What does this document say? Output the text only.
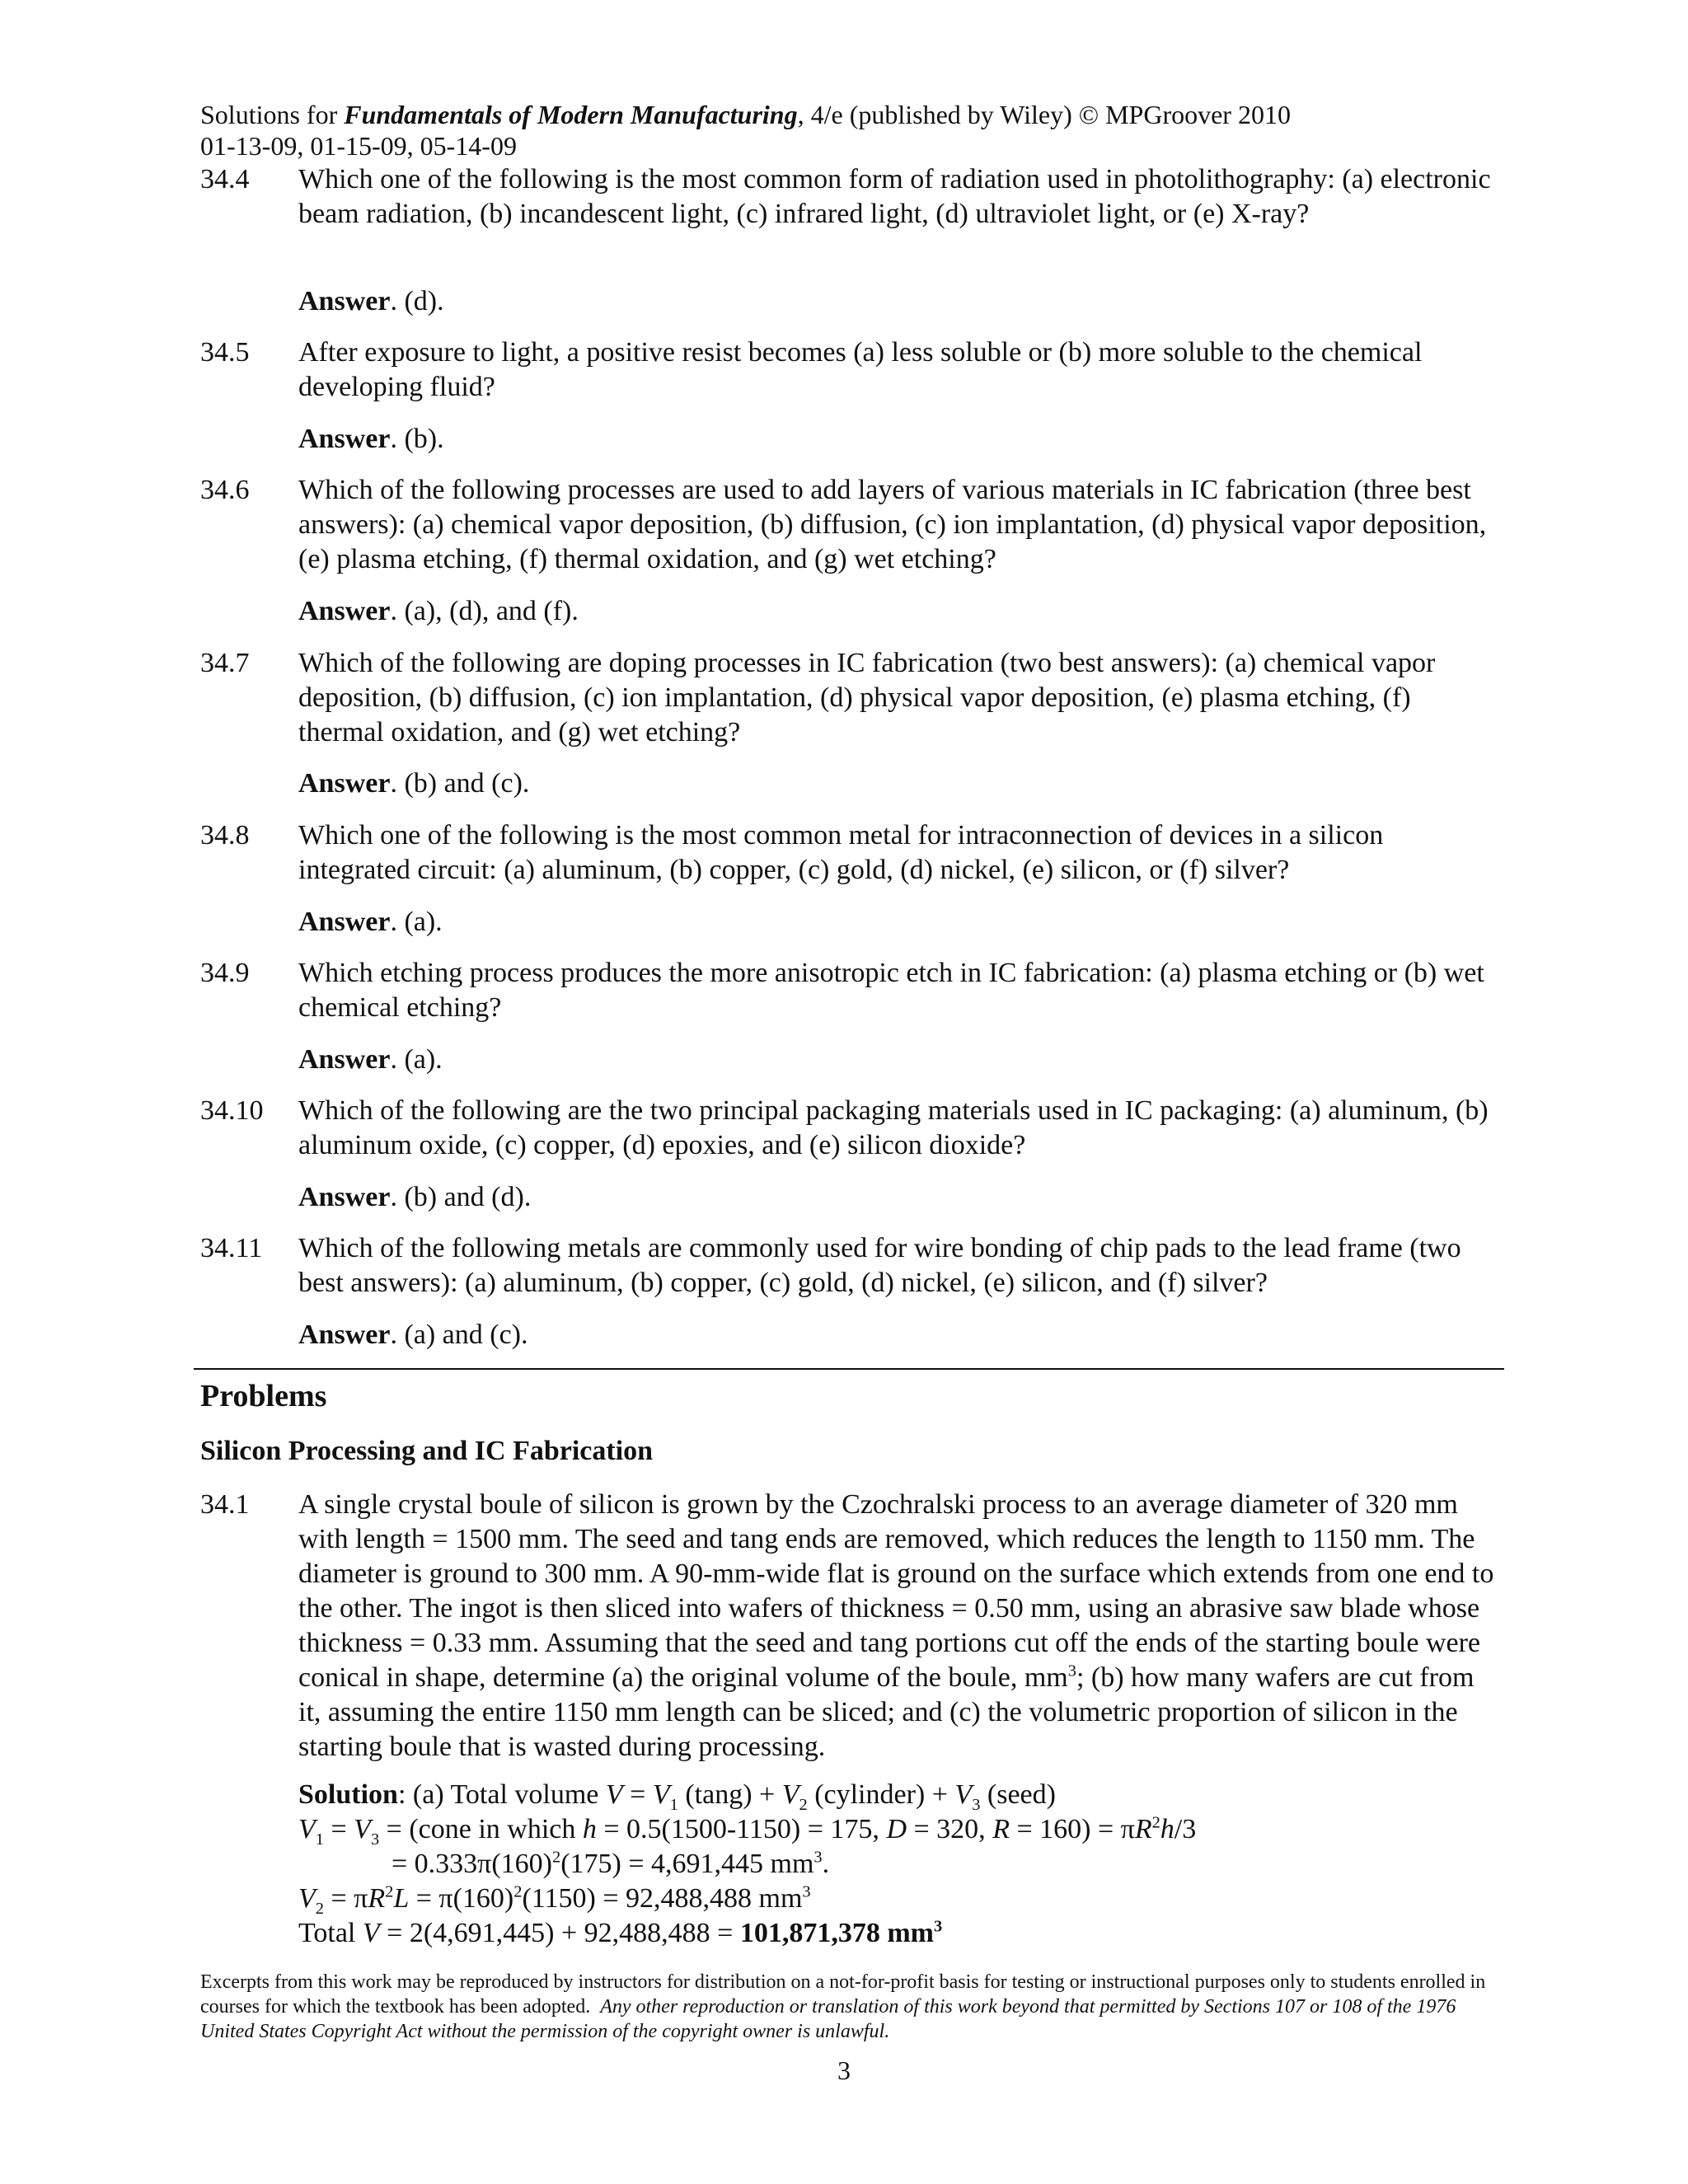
Solutions for Fundamentals of Modern Manufacturing, 4/e (published by Wiley) © MPGroover 2010
01-13-09, 01-15-09, 05-14-09
34.4 Which one of the following is the most common form of radiation used in photolithography: (a) electronic beam radiation, (b) incandescent light, (c) infrared light, (d) ultraviolet light, or (e) X-ray?
Answer. (d).
34.5 After exposure to light, a positive resist becomes (a) less soluble or (b) more soluble to the chemical developing fluid?
Answer. (b).
34.6 Which of the following processes are used to add layers of various materials in IC fabrication (three best answers): (a) chemical vapor deposition, (b) diffusion, (c) ion implantation, (d) physical vapor deposition, (e) plasma etching, (f) thermal oxidation, and (g) wet etching?
Answer. (a), (d), and (f).
34.7 Which of the following are doping processes in IC fabrication (two best answers): (a) chemical vapor deposition, (b) diffusion, (c) ion implantation, (d) physical vapor deposition, (e) plasma etching, (f) thermal oxidation, and (g) wet etching?
Answer. (b) and (c).
34.8 Which one of the following is the most common metal for intraconnection of devices in a silicon integrated circuit: (a) aluminum, (b) copper, (c) gold, (d) nickel, (e) silicon, or (f) silver?
Answer. (a).
34.9 Which etching process produces the more anisotropic etch in IC fabrication: (a) plasma etching or (b) wet chemical etching?
Answer. (a).
34.10 Which of the following are the two principal packaging materials used in IC packaging: (a) aluminum, (b) aluminum oxide, (c) copper, (d) epoxies, and (e) silicon dioxide?
Answer. (b) and (d).
34.11 Which of the following metals are commonly used for wire bonding of chip pads to the lead frame (two best answers): (a) aluminum, (b) copper, (c) gold, (d) nickel, (e) silicon, and (f) silver?
Answer. (a) and (c).
Problems
Silicon Processing and IC Fabrication
34.1 A single crystal boule of silicon is grown by the Czochralski process to an average diameter of 320 mm with length = 1500 mm. The seed and tang ends are removed, which reduces the length to 1150 mm. The diameter is ground to 300 mm. A 90-mm-wide flat is ground on the surface which extends from one end to the other. The ingot is then sliced into wafers of thickness = 0.50 mm, using an abrasive saw blade whose thickness = 0.33 mm. Assuming that the seed and tang portions cut off the ends of the starting boule were conical in shape, determine (a) the original volume of the boule, $mm^3$; (b) how many wafers are cut from it, assuming the entire 1150 mm length can be sliced; and (c) the volumetric proportion of silicon in the starting boule that is wasted during processing.
Solution: (a) Total volume $V = V_1$ $(\tan g) + V_2$ (cylinder) + $V_3$ (seed)
$V_1 = V_3$ = (cone in which h = 0.5(1500-1150) = 175, D = 320, $R = 160) = \pi R^2h/3$
= $0.333\pi(160)^2(175) = 4,691,445$ $mm^3$.
$V_2 = \pi R^2L = \pi(160)^2(1150) = 92,488,488$ $mm^3$
Total V = 2(4,691,445) + 92,488,488 = 101,871,378 $mm^3$
Excerpts from this work may be reproduced by instructors for distribution on a not-for-profit basis for testing or instructional purposes only to students enrolled in courses for which the textbook has been adopted. Any other reproduction or translation of this work beyond that permitted by Sections 107 or 108 of the 1976 United States Copyright Act without the permission of the copyright owner is unlawful.
3
